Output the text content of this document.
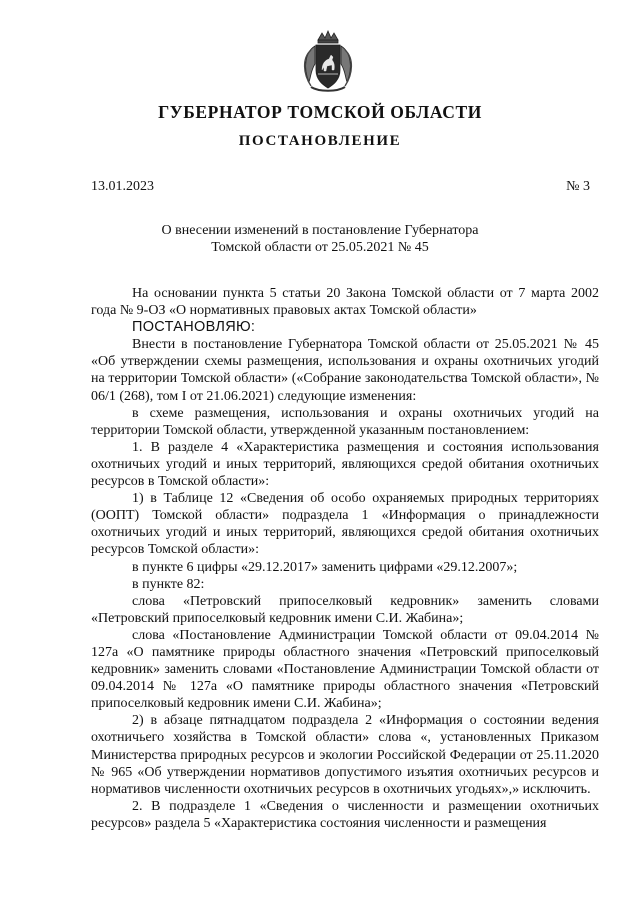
ГУБЕРНАТОР ТОМСКОЙ ОБЛАСТИ
ПОСТАНОВЛЕНИЕ
13.01.2023	№ 3
О внесении изменений в постановление Губернатора
Томской области от 25.05.2021 № 45

На основании пункта 5 статьи 20 Закона Томской области от 7 марта 2002 года № 9-ОЗ «О нормативных правовых актах Томской области»

ПОСТАНОВЛЯЮ:

Внести в постановление Губернатора Томской области от 25.05.2021 № 45 «Об утверждении схемы размещения, использования и охраны охотничьих угодий на территории Томской области» («Собрание законодательства Томской области», № 06/1 (268), том I от 21.06.2021) следующие изменения:

в схеме размещения, использования и охраны охотничьих угодий на территории Томской области, утвержденной указанным постановлением:

1. В разделе 4 «Характеристика размещения и состояния использования охотничьих угодий и иных территорий, являющихся средой обитания охотничьих ресурсов в Томской области»:

1) в Таблице 12 «Сведения об особо охраняемых природных территориях (ООПТ) Томской области» подраздела 1 «Информация о принадлежности охотничьих угодий и иных территорий, являющихся средой обитания охотничьих ресурсов Томской области»:

в пункте 6 цифры «29.12.2017» заменить цифрами «29.12.2007»;

в пункте 82:

слова «Петровский припоселковый кедровник» заменить словами «Петровский припоселковый кедровник имени С.И. Жабина»;

слова «Постановление Администрации Томской области от 09.04.2014 № 127а «О памятнике природы областного значения «Петровский припоселковый кедровник» заменить словами «Постановление Администрации Томской области от 09.04.2014 № 127а «О памятнике природы областного значения «Петровский припоселковый кедровник имени С.И. Жабина»;

2) в абзаце пятнадцатом подраздела 2 «Информация о состоянии ведения охотничьего хозяйства в Томской области» слова «, установленных Приказом Министерства природных ресурсов и экологии Российской Федерации от 25.11.2020 № 965 «Об утверждении нормативов допустимого изъятия охотничьих ресурсов и нормативов численности охотничьих ресурсов в охотничьих угодьях»,» исключить.

2. В подразделе 1 «Сведения о численности и размещении охотничьих ресурсов» раздела 5 «Характеристика состояния численности и размещения
